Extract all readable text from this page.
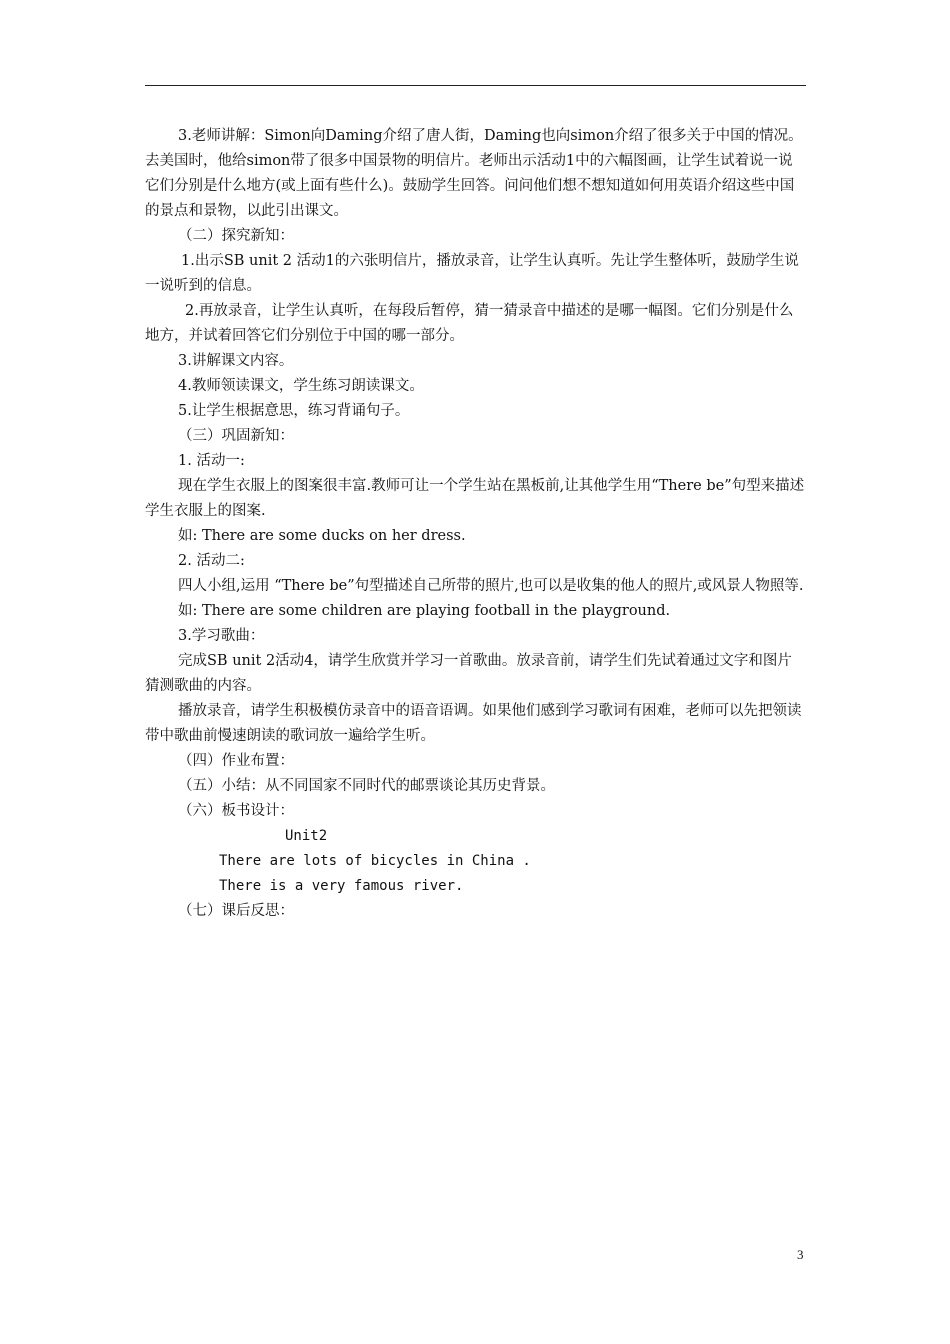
3.老师讲解：Simon向Daming介绍了唐人街，Daming也向simon介绍了很多关于中国的情况。去美国时，他给simon带了很多中国景物的明信片。老师出示活动1中的六幅图画，让学生试着说一说它们分别是什么地方(或上面有些什么)。鼓励学生回答。问问他们想不想知道如何用英语介绍这些中国的景点和景物，以此引出课文。

（二）探究新知：

1.出示SB unit 2 活动1的六张明信片，播放录音，让学生认真听。先让学生整体听，鼓励学生说一说听到的信息。

2.再放录音，让学生认真听，在每段后暂停，猜一猜录音中描述的是哪一幅图。它们分别是什么地方，并试着回答它们分别位于中国的哪一部分。

3.讲解课文内容。

4.教师领读课文，学生练习朗读课文。

5.让学生根据意思，练习背诵句子。

（三）巩固新知：

1. 活动一:

现在学生衣服上的图案很丰富.教师可让一个学生站在黑板前,让其他学生用“There be”句型来描述学生衣服上的图案.

如: There are some ducks on her dress.

2. 活动二:

四人小组,运用 “There be”句型描述自己所带的照片,也可以是收集的他人的照片,或风景人物照等.

如: There are some children are playing football in the playground.

3.学习歌曲：

完成SB unit 2活动4，请学生欣赏并学习一首歌曲。放录音前，请学生们先试着通过文字和图片猜测歌曲的内容。

播放录音，请学生积极模仿录音中的语音语调。如果他们感到学习歌词有困难，老师可以先把领读带中歌曲前慢速朗读的歌词放一遍给学生听。

（四）作业布置：

（五）小结：从不同国家不同时代的邮票谈论其历史背景。

（六）板书设计：

Unit2

There are lots of bicycles in China .

There is a very famous river.

（七）课后反思：

3
